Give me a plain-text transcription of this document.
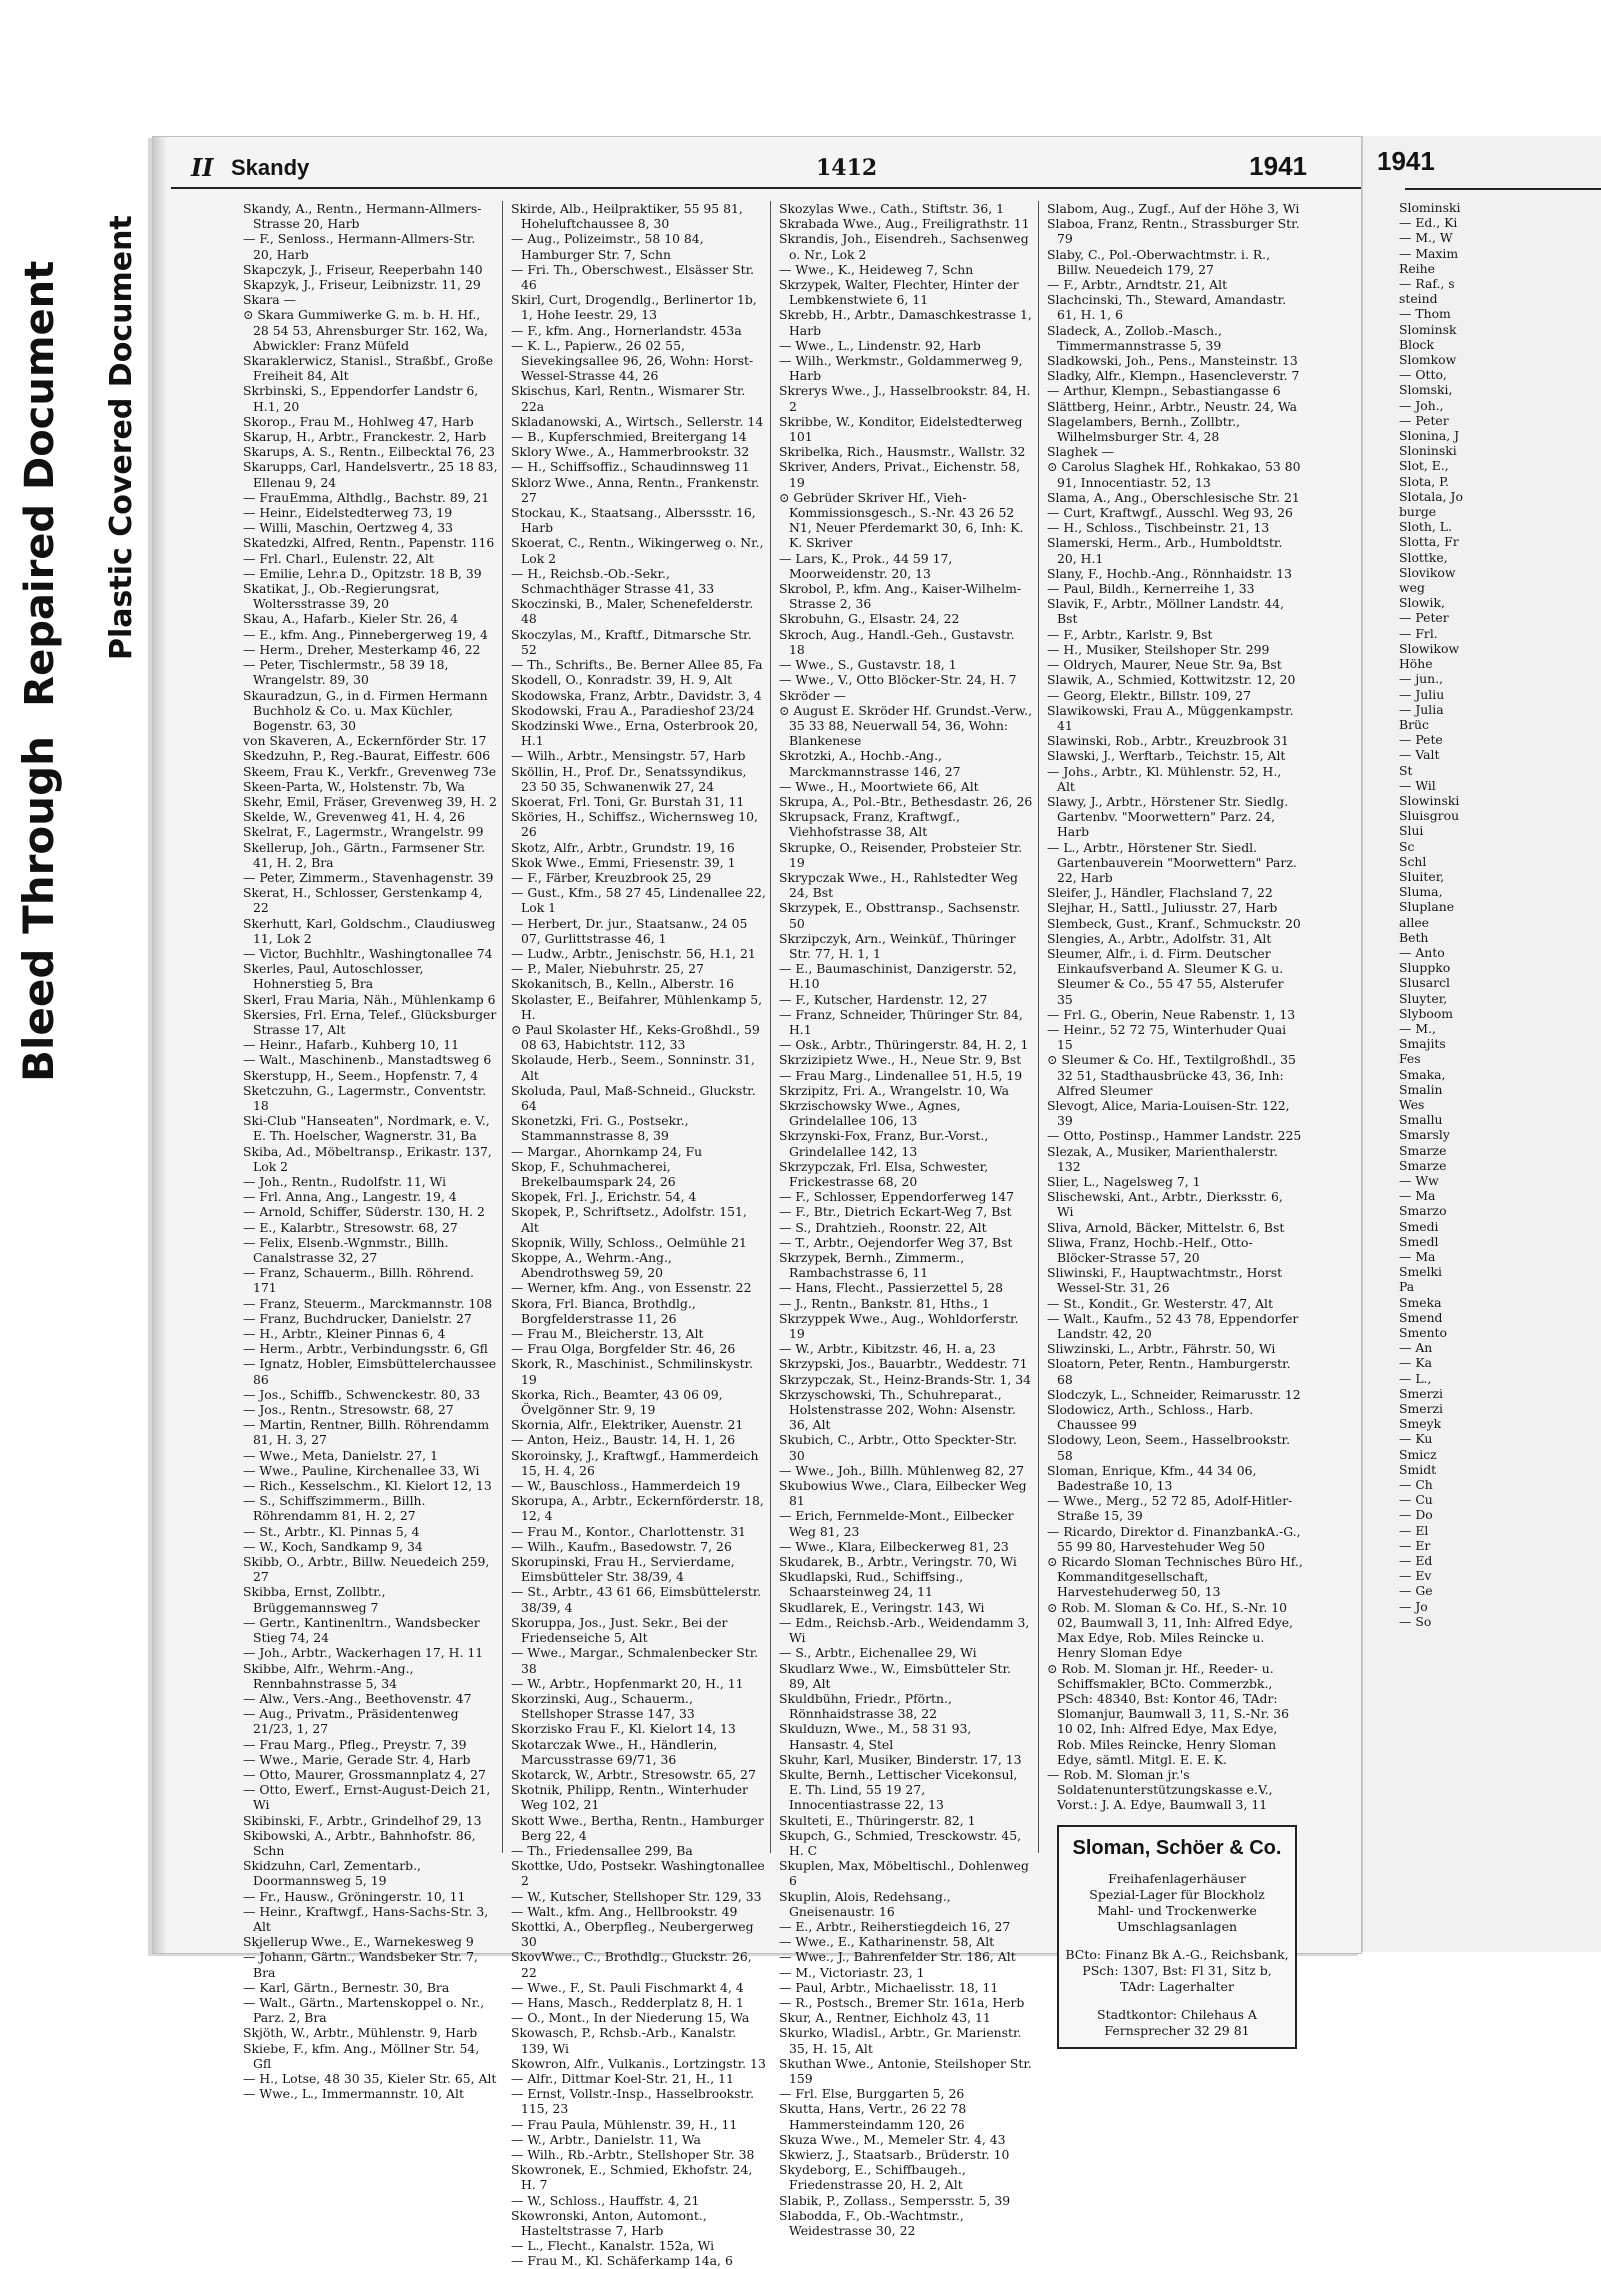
Bleed Through  Repaired Document Plastic Covered Document
II Skandy	1412	1941

Skandy, A., Rentn., Hermann-Allmers-Strasse 20, Harb

— F., Senloss., Hermann-Allmers-Str. 20, Harb

Skapczyk, J., Friseur, Reeperbahn 140

Skapzyk, J., Friseur, Leibnizstr. 11, 29

Skara —

⊙ Skara Gummiwerke G. m. b. H. Hf., 28 54 53, Ahrensburger Str. 162, Wa, Abwickler: Franz Müfeld

Skaraklerwicz, Stanisl., Straßbf., Große Freiheit 84, Alt

Skrbinski, S., Eppendorfer Landstr 6, H.1, 20

Skorop., Frau M., Hohlweg 47, Harb

Skarup, H., Arbtr., Franckestr. 2, Harb

Skarups, A. S., Rentn., Eilbecktal 76, 23

Skarupps, Carl, Handelsvertr., 25 18 83, Ellenau 9, 24

— FrauEmma, Althdlg., Bachstr. 89, 21

— Heinr., Eidelstedterweg 73, 19

— Willi, Maschin, Oertzweg 4, 33

Skatedzki, Alfred, Rentn., Papenstr. 116

— Frl. Charl., Eulenstr. 22, Alt

— Emilie, Lehr.a D., Opitzstr. 18 B, 39

Skatikat, J., Ob.-Regierungsrat, Woltersstrasse 39, 20

Skau, A., Hafarb., Kieler Str. 26, 4

— E., kfm. Ang., Pinnebergerweg 19, 4

— Herm., Dreher, Mesterkamp 46, 22

— Peter, Tischlermstr., 58 39 18, Wrangelstr. 89, 30

Skauradzun, G., in d. Firmen Hermann Buchholz & Co. u. Max Küchler, Bogenstr. 63, 30

von Skaveren, A., Eckernförder Str. 17

Skedzuhn, P., Reg.-Baurat, Eiffestr. 606

Skeem, Frau K., Verkfr., Grevenweg 73e

Skeen-Parta, W., Holstenstr. 7b, Wa

Skehr, Emil, Fräser, Grevenweg 39, H. 2

Skelde, W., Grevenweg 41, H. 4, 26

Skelrat, F., Lagermstr., Wrangelstr. 99

Skellerup, Joh., Gärtn., Farmsener Str. 41, H. 2, Bra

— Peter, Zimmerm., Stavenhagenstr. 39

Skerat, H., Schlosser, Gerstenkamp 4, 22

Skerhutt, Karl, Goldschm., Claudiusweg 11, Lok 2

— Victor, Buchhltr., Washingtonallee 74

Skerles, Paul, Autoschlosser, Hohnerstieg 5, Bra

Skerl, Frau Maria, Näh., Mühlenkamp 6

Skersies, Frl. Erna, Telef., Glücksburger Strasse 17, Alt

— Heinr., Hafarb., Kuhberg 10, 11

— Walt., Maschinenb., Manstadtsweg 6

Skerstupp, H., Seem., Hopfenstr. 7, 4

Sketczuhn, G., Lagermstr., Conventstr. 18

Ski-Club "Hanseaten", Nordmark, e. V., E. Th. Hoelscher, Wagnerstr. 31, Ba

Skiba, Ad., Möbeltransp., Erikastr. 137, Lok 2

— Joh., Rentn., Rudolfstr. 11, Wi

— Frl. Anna, Ang., Langestr. 19, 4

— Arnold, Schiffer, Süderstr. 130, H. 2

— E., Kalarbtr., Stresowstr. 68, 27

— Felix, Elsenb.-Wgnmstr., Billh. Canalstrasse 32, 27

— Franz, Schauerm., Billh. Röhrend. 171

— Franz, Steuerm., Marckmannstr. 108

— Franz, Buchdrucker, Danielstr. 27

— H., Arbtr., Kleiner Pinnas 6, 4

— Herm., Arbtr., Verbindungsstr. 6, Gfl

— Ignatz, Hobler, Eimsbüttelerchaussee 86

— Jos., Schiffb., Schwenckestr. 80, 33

— Jos., Rentn., Stresowstr. 68, 27

— Martin, Rentner, Billh. Röhrendamm 81, H. 3, 27

— Wwe., Meta, Danielstr. 27, 1

— Wwe., Pauline, Kirchenallee 33, Wi

— Rich., Kesselschm., Kl. Kielort 12, 13

— S., Schiffszimmerm., Billh. Röhrendamm 81, H. 2, 27

— St., Arbtr., Kl. Pinnas 5, 4

— W., Koch, Sandkamp 9, 34

Skibb, O., Arbtr., Billw. Neuedeich 259, 27

Skibba, Ernst, Zollbtr., Brüggemannsweg 7

— Gertr., Kantinenltrn., Wandsbecker Stieg 74, 24

— Joh., Arbtr., Wackerhagen 17, H. 11

Skibbe, Alfr., Wehrm.-Ang., Rennbahnstrasse 5, 34

— Alw., Vers.-Ang., Beethovenstr. 47

— Aug., Privatm., Präsidentenweg 21/23, 1, 27

— Frau Marg., Pfleg., Preystr. 7, 39

— Wwe., Marie, Gerade Str. 4, Harb

— Otto, Maurer, Grossmannplatz 4, 27

— Otto, Ewerf., Ernst-August-Deich 21, Wi

Skibinski, F., Arbtr., Grindelhof 29, 13

Skibowski, A., Arbtr., Bahnhofstr. 86, Schn

Skidzuhn, Carl, Zementarb., Doormannsweg 5, 19

— Fr., Hausw., Gröningerstr. 10, 11

— Heinr., Kraftwgf., Hans-Sachs-Str. 3, Alt

Skjellerup Wwe., E., Warnekesweg 9

— Johann, Gärtn., Wandsbeker Str. 7, Bra

— Karl, Gärtn., Bernestr. 30, Bra

— Walt., Gärtn., Martenskoppel o. Nr., Parz. 2, Bra

Skjöth, W., Arbtr., Mühlenstr. 9, Harb

Skiebe, F., kfm. Ang., Möllner Str. 54, Gfl

— H., Lotse, 48 30 35, Kieler Str. 65, Alt

— Wwe., L., Immermannstr. 10, Alt

Skirde, Alb., Heilpraktiker, 55 95 81, Hoheluftchaussee 8, 30

— Aug., Polizeimstr., 58 10 84, Hamburger Str. 7, Schn

— Fri. Th., Oberschwest., Elsässer Str. 46

Skirl, Curt, Drogendlg., Berlinertor 1b, 1, Hohe Ieestr. 29, 13

— F., kfm. Ang., Hornerlandstr. 453a

— K. L., Papierw., 26 02 55, Sievekingsallee 96, 26, Wohn: Horst-Wessel-Strasse 44, 26

Skischus, Karl, Rentn., Wismarer Str. 22a

Skladanowski, A., Wirtsch., Sellerstr. 14

— B., Kupferschmied, Breitergang 14

Sklory Wwe., A., Hammerbrookstr. 32

— H., Schiffsoffiz., Schaudinnsweg 11

Sklorz Wwe., Anna, Rentn., Frankenstr. 27

Stockau, K., Staatsang., Alberssstr. 16, Harb

Skoerat, C., Rentn., Wikingerweg o. Nr., Lok 2

— H., Reichsb.-Ob.-Sekr., Schmachthäger Strasse 41, 33

Skoczinski, B., Maler, Schenefelderstr. 48

Skoczylas, M., Kraftf., Ditmarsche Str. 52

— Th., Schrifts., Be. Berner Allee 85, Fa

Skodell, O., Konradstr. 39, H. 9, Alt

Skodowska, Franz, Arbtr., Davidstr. 3, 4

Skodowski, Frau A., Paradieshof 23/24

Skodzinski Wwe., Erna, Osterbrook 20, H.1

— Wilh., Arbtr., Mensingstr. 57, Harb

Sköllin, H., Prof. Dr., Senatssyndikus, 23 50 35, Schwanenwik 27, 24

Skoerat, Frl. Toni, Gr. Burstah 31, 11

Sköries, H., Schiffsz., Wichernsweg 10, 26

Skotz, Alfr., Arbtr., Grundstr. 19, 16

Skok Wwe., Emmi, Friesenstr. 39, 1

— F., Färber, Kreuzbrook 25, 29

— Gust., Kfm., 58 27 45, Lindenallee 22, Lok 1

— Herbert, Dr. jur., Staatsanw., 24 05 07, Gurlittstrasse 46, 1

— Ludw., Arbtr., Jenischstr. 56, H.1, 21

— P., Maler, Niebuhrstr. 25, 27

Skokanitsch, B., Kelln., Alberstr. 16

Skolaster, E., Beifahrer, Mühlenkamp 5, H.

⊙ Paul Skolaster Hf., Keks-Großhdl., 59 08 63, Habichtstr. 112, 33

Skolaude, Herb., Seem., Sonninstr. 31, Alt

Skoluda, Paul, Maß-Schneid., Gluckstr. 64

Skonetzki, Fri. G., Postsekr., Stammannstrasse 8, 39

— Margar., Ahornkamp 24, Fu

Skop, F., Schuhmacherei, Brekelbaumspark 24, 26

Skopek, Frl. J., Erichstr. 54, 4

Skopek, P., Schriftsetz., Adolfstr. 151, Alt

Skopnik, Willy, Schloss., Oelmühle 21

Skoppe, A., Wehrm.-Ang., Abendrothsweg 59, 20

— Werner, kfm. Ang., von Essenstr. 22

Skora, Frl. Bianca, Brothdlg., Borgfelderstrasse 11, 26

— Frau M., Bleicherstr. 13, Alt

— Frau Olga, Borgfelder Str. 46, 26

Skork, R., Maschinist., Schmilinskystr. 19

Skorka, Rich., Beamter, 43 06 09, Övelgönner Str. 9, 19

Skornia, Alfr., Elektriker, Auenstr. 21

— Anton, Heiz., Baustr. 14, H. 1, 26

Skoroinsky, J., Kraftwgf., Hammerdeich 15, H. 4, 26

— W., Bauschloss., Hammerdeich 19

Skorupa, A., Arbtr., Eckernförderstr. 18, 12, 4

— Frau M., Kontor., Charlottenstr. 31

— Wilh., Kaufm., Basedowstr. 7, 26

Skorupinski, Frau H., Servierdame, Eimsbütteler Str. 38/39, 4

— St., Arbtr., 43 61 66, Eimsbüttelerstr. 38/39, 4

Skoruppa, Jos., Just. Sekr., Bei der Friedenseiche 5, Alt

— Wwe., Margar., Schmalenbecker Str. 38

— W., Arbtr., Hopfenmarkt 20, H., 11

Skorzinski, Aug., Schauerm., Stellshoper Strasse 147, 33

Skorzisko Frau F., Kl. Kielort 14, 13

Skotarczak Wwe., H., Händlerin, Marcusstrasse 69/71, 36

Skotarck, W., Arbtr., Stresowstr. 65, 27

Skotnik, Philipp, Rentn., Winterhuder Weg 102, 21

Skott Wwe., Bertha, Rentn., Hamburger Berg 22, 4

— Th., Friedensallee 299, Ba

Skottke, Udo, Postsekr. Washingtonallee 2

— W., Kutscher, Stellshoper Str. 129, 33

— Walt., kfm. Ang., Hellbrookstr. 49

Skottki, A., Oberpfleg., Neubergerweg 30

SkovWwe., C., Brothdlg., Gluckstr. 26, 22

— Wwe., F., St. Pauli Fischmarkt 4, 4

— Hans, Masch., Redderplatz 8, H. 1

— O., Mont., In der Niederung 15, Wa

Skowasch, P., Rchsb.-Arb., Kanalstr. 139, Wi

Skowron, Alfr., Vulkanis., Lortzingstr. 13

— Alfr., Dittmar Koel-Str. 21, H., 11

— Ernst, Vollstr.-Insp., Hasselbrookstr. 115, 23

— Frau Paula, Mühlenstr. 39, H., 11

— W., Arbtr., Danielstr. 11, Wa

— Wilh., Rb.-Arbtr., Stellshoper Str. 38

Skowronek, E., Schmied, Ekhofstr. 24, H. 7

— W., Schloss., Hauffstr. 4, 21

Skowronski, Anton, Automont., Hasteltstrasse 7, Harb

— L., Flecht., Kanalstr. 152a, Wi

— Frau M., Kl. Schäferkamp 14a, 6

Skozylas Wwe., Cath., Stiftstr. 36, 1

Skrabada Wwe., Aug., Freiligrathstr. 11

Skrandis, Joh., Eisendreh., Sachsenweg o. Nr., Lok 2

— Wwe., K., Heideweg 7, Schn

Skrzypek, Walter, Flechter, Hinter der Lembkenstwiete 6, 11

Skrebb, H., Arbtr., Damaschkestrasse 1, Harb

— Wwe., L., Lindenstr. 92, Harb

— Wilh., Werkmstr., Goldammerweg 9, Harb

Skrerys Wwe., J., Hasselbrookstr. 84, H. 2

Skribbe, W., Konditor, Eidelstedterweg 101

Skribelka, Rich., Hausmstr., Wallstr. 32

Skriver, Anders, Privat., Eichenstr. 58, 19

⊙ Gebrüder Skriver Hf., Vieh-Kommissionsgesch., S.-Nr. 43 26 52 N1, Neuer Pferdemarkt 30, 6, Inh: K. K. Skriver

— Lars, K., Prok., 44 59 17, Moorweidenstr. 20, 13

Skrobol, P., kfm. Ang., Kaiser-Wilhelm-Strasse 2, 36

Skrobuhn, G., Elsastr. 24, 22

Skroch, Aug., Handl.-Geh., Gustavstr. 18

— Wwe., S., Gustavstr. 18, 1

— Wwe., V., Otto Blöcker-Str. 24, H. 7

Skröder —

⊙ August E. Skröder Hf. Grundst.-Verw., 35 33 88, Neuerwall 54, 36, Wohn: Blankenese

Skrotzki, A., Hochb.-Ang., Marckmannstrasse 146, 27

— Wwe., H., Moortwiete 66, Alt

Skrupa, A., Pol.-Btr., Bethesdastr. 26, 26

Skrupsack, Franz, Kraftwgf., Viehhofstrasse 38, Alt

Skrupke, O., Reisender, Probsteier Str. 19

Skrypczak Wwe., H., Rahlstedter Weg 24, Bst

Skrzypek, E., Obsttransp., Sachsenstr. 50

Skrzipczyk, Arn., Weinküf., Thüringer Str. 77, H. 1, 1

— E., Baumaschinist, Danzigerstr. 52, H.10

— F., Kutscher, Hardenstr. 12, 27

— Franz, Schneider, Thüringer Str. 84, H.1

— Osk., Arbtr., Thüringerstr. 84, H. 2, 1

Skrzizipietz Wwe., H., Neue Str. 9, Bst

— Frau Marg., Lindenallee 51, H.5, 19

Skrzipitz, Fri. A., Wrangelstr. 10, Wa

Skrzischowsky Wwe., Agnes, Grindelallee 106, 13

Skrzynski-Fox, Franz, Bur.-Vorst., Grindelallee 142, 13

Skrzypczak, Frl. Elsa, Schwester, Frickestrasse 68, 20

— F., Schlosser, Eppendorferweg 147

— F., Btr., Dietrich Eckart-Weg 7, Bst

— S., Drahtzieh., Roonstr. 22, Alt

— T., Arbtr., Oejendorfer Weg 37, Bst

Skrzypek, Bernh., Zimmerm., Rambachstrasse 6, 11

— Hans, Flecht., Passierzettel 5, 28

— J., Rentn., Bankstr. 81, Hths., 1

Skrzyppek Wwe., Aug., Wohldorferstr. 19

— W., Arbtr., Kibitzstr. 46, H. a, 23

Skrzypski, Jos., Bauarbtr., Weddestr. 71

Skrzypczak, St., Heinz-Brands-Str. 1, 34

Skrzyschowski, Th., Schuhreparat., Holstenstrasse 202, Wohn: Alsenstr. 36, Alt

Skubich, C., Arbtr., Otto Speckter-Str. 30

— Wwe., Joh., Billh. Mühlenweg 82, 27

Skubowius Wwe., Clara, Eilbecker Weg 81

— Erich, Fernmelde-Mont., Eilbecker Weg 81, 23

— Wwe., Klara, Eilbeckerweg 81, 23

Skudarek, B., Arbtr., Veringstr. 70, Wi

Skudlapski, Rud., Schiffsing., Schaarsteinweg 24, 11

Skudlarek, E., Veringstr. 143, Wi

— Edm., Reichsb.-Arb., Weidendamm 3, Wi

— S., Arbtr., Eichenallee 29, Wi

Skudlarz Wwe., W., Eimsbütteler Str. 89, Alt

Skuldbühn, Friedr., Pförtn., Rönnhaidstrasse 38, 22

Skulduzn, Wwe., M., 58 31 93, Hansastr. 4, Stel

Skuhr, Karl, Musiker, Binderstr. 17, 13

Skulte, Bernh., Lettischer Vicekonsul, E. Th. Lind, 55 19 27, Innocentiastrasse 22, 13

Skulteti, E., Thüringerstr. 82, 1

Skupch, G., Schmied, Tresckowstr. 45, H. C

Skuplen, Max, Möbeltischl., Dohlenweg 6

Skuplin, Alois, Redehsang., Gneisenaustr. 16

— E., Arbtr., Reiherstiegdeich 16, 27

— Wwe., E., Katharinenstr. 58, Alt

— Wwe., J., Bahrenfelder Str. 186, Alt

— M., Victoriastr. 23, 1

— Paul, Arbtr., Michaelisstr. 18, 11

— R., Postsch., Bremer Str. 161a, Herb

Skur, A., Rentner, Eichholz 43, 11

Skurko, Wladisl., Arbtr., Gr. Marienstr. 35, H. 15, Alt

Skuthan Wwe., Antonie, Steilshoper Str. 159

— Frl. Else, Burggarten 5, 26

Skutta, Hans, Vertr., 26 22 78 Hammersteindamm 120, 26

Skuza Wwe., M., Memeler Str. 4, 43

Skwierz, J., Staatsarb., Brüderstr. 10

Skydeborg, E., Schiffbaugeh., Friedenstrasse 20, H. 2, Alt

Slabik, P., Zollass., Sempersstr. 5, 39

Slabodda, F., Ob.-Wachtmstr., Weidestrasse 30, 22

Slabom, Aug., Zugf., Auf der Höhe 3, Wi

Slaboa, Franz, Rentn., Strassburger Str. 79

Slaby, C., Pol.-Oberwachtmstr. i. R., Billw. Neuedeich 179, 27

— F., Arbtr., Arndtstr. 21, Alt

Slachcinski, Th., Steward, Amandastr. 61, H. 1, 6

Sladeck, A., Zollob.-Masch., Timmermannstrasse 5, 39

Sladkowski, Joh., Pens., Mansteinstr. 13

Sladky, Alfr., Klempn., Hasencleverstr. 7

— Arthur, Klempn., Sebastiangasse 6

Slättberg, Heinr., Arbtr., Neustr. 24, Wa

Slagelambers, Bernh., Zollbtr., Wilhelmsburger Str. 4, 28

Slaghek —

⊙ Carolus Slaghek Hf., Rohkakao, 53 80 91, Innocentiastr. 52, 13

Slama, A., Ang., Oberschlesische Str. 21

— Curt, Kraftwgf., Ausschl. Weg 93, 26

— H., Schloss., Tischbeinstr. 21, 13

Slamerski, Herm., Arb., Humboldtstr. 20, H.1

Slany, F., Hochb.-Ang., Rönnhaidstr. 13

— Paul, Bildh., Kernerreihe 1, 33

Slavik, F., Arbtr., Möllner Landstr. 44, Bst

— F., Arbtr., Karlstr. 9, Bst

— H., Musiker, Steilshoper Str. 299

— Oldrych, Maurer, Neue Str. 9a, Bst

Slawik, A., Schmied, Kottwitzstr. 12, 20

— Georg, Elektr., Billstr. 109, 27

Slawikowski, Frau A., Müggenkampstr. 41

Slawinski, Rob., Arbtr., Kreuzbrook 31

Slawski, J., Werftarb., Teichstr. 15, Alt

— Johs., Arbtr., Kl. Mühlenstr. 52, H., Alt

Slawy, J., Arbtr., Hörstener Str. Siedlg. Gartenbv. "Moorwettern" Parz. 24, Harb

— L., Arbtr., Hörstener Str. Siedl. Gartenbauverein "Moorwettern" Parz. 22, Harb

Sleifer, J., Händler, Flachsland 7, 22

Slejhar, H., Sattl., Juliusstr. 27, Harb

Slembeck, Gust., Kranf., Schmuckstr. 20

Slengies, A., Arbtr., Adolfstr. 31, Alt

Sleumer, Alfr., i. d. Firm. Deutscher Einkaufsverband A. Sleumer K G. u. Sleumer & Co., 55 47 55, Alsterufer 35

— Frl. G., Oberin, Neue Rabenstr. 1, 13

— Heinr., 52 72 75, Winterhuder Quai 15

⊙ Sleumer & Co. Hf., Textilgroßhdl., 35 32 51, Stadthausbrücke 43, 36, Inh: Alfred Sleumer

Slevogt, Alice, Maria-Louisen-Str. 122, 39

— Otto, Postinsp., Hammer Landstr. 225

Slezak, A., Musiker, Marienthalerstr. 132

Slier, L., Nagelsweg 7, 1

Slischewski, Ant., Arbtr., Dierksstr. 6, Wi

Sliva, Arnold, Bäcker, Mittelstr. 6, Bst

Sliwa, Franz, Hochb.-Helf., Otto-Blöcker-Strasse 57, 20

Sliwinski, F., Hauptwachtmstr., Horst Wessel-Str. 31, 26

— St., Kondit., Gr. Westerstr. 47, Alt

— Walt., Kaufm., 52 43 78, Eppendorfer Landstr. 42, 20

Sliwzinski, L., Arbtr., Fährstr. 50, Wi

Sloatorn, Peter, Rentn., Hamburgerstr. 68

Slodczyk, L., Schneider, Reimarusstr. 12

Slodowicz, Arth., Schloss., Harb. Chaussee 99

Slodowy, Leon, Seem., Hasselbrookstr. 58

Sloman, Enrique, Kfm., 44 34 06, Badestraße 10, 13

— Wwe., Merg., 52 72 85, Adolf-Hitler-Straße 15, 39

— Ricardo, Direktor d. FinanzbankA.-G., 55 99 80, Harvestehuder Weg 50

⊙ Ricardo Sloman Technisches Büro Hf., Kommanditgesellschaft, Harvestehuderweg 50, 13

⊙ Rob. M. Sloman & Co. Hf., S.-Nr. 10 02, Baumwall 3, 11, Inh: Alfred Edye, Max Edye, Rob. Miles Reincke u. Henry Sloman Edye

⊙ Rob. M. Sloman jr. Hf., Reeder- u. Schiffsmakler, BCto. Commerzbk., PSch: 48340, Bst: Kontor 46, TAdr: Slomanjur, Baumwall 3, 11, S.-Nr. 36 10 02, Inh: Alfred Edye, Max Edye, Rob. Miles Reincke, Henry Sloman Edye, sämtl. Mitgl. E. E. K.

— Rob. M. Sloman jr.'s Soldatenunterstützungskasse e.V., Vorst.: J. A. Edye, Baumwall 3, 11

Sloman, Schöer & Co.
Freihafenlagerhäuser
Spezial-Lager für Blockholz
Mahl- und Trockenwerke
Umschlagsanlagen
BCto: Finanz Bk A.-G., Reichsbank, PSch: 1307, Bst: Fl 31, Sitz b, TAdr: Lagerhalter
Stadtkontor: Chilehaus A
Fernsprecher 32 29 81
1941
Slominski
— Ed., Ki
— M., W
— Maxim
Reihe
— Raf., s
steind
— Thom
Slominsk
Block
Slomkow
— Otto,
Slomski,
— Joh.,
— Peter
Slonina, J
Sloninski
Slot, E.,
Slota, P.
Slotala, Jo
burge
Sloth, L.
Slotta, Fr
Slottke,
Slovikow
weg
Slowik,
— Peter
— Frl.
Slowikow
Höhe
— jun.,
— Juliu
— Julia
Brüc
— Pete
— Valt
St
— Wil
Slowinski
Sluisgrou
Slui
Sc
Schl
Sluiter,
Sluma,
Sluplane
allee
Beth
— Anto
Sluppko
Slusarcl
Sluyter,
Slyboom
— M.,
Smajits
Fes
Smaka,
Smalin
Wes
Smallu
Smarsly
Smarze
Smarze
— Ww
— Ma
Smarzo
Smedi
Smedl
— Ma
Smelki
Pa
Smeka
Smend
Smento
— An
— Ka
— L.,
Smerzi
Smerzi
Smeyk
— Ku
Smicz
Smidt
— Ch
— Cu
— Do
— El
— Er
— Ed
— Ev
— Ge
— Jo
— So
